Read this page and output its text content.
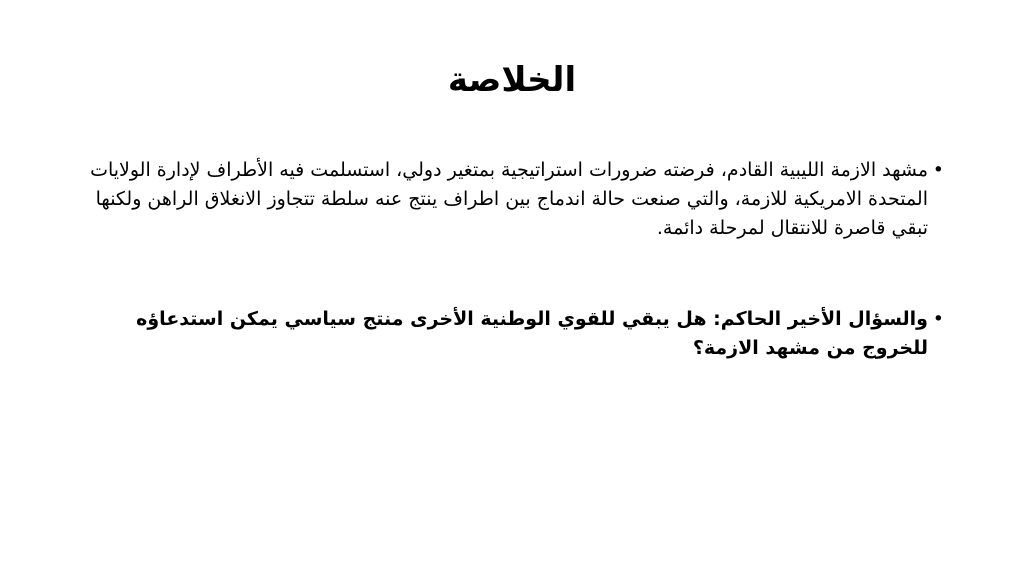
الخلاصة
•
مشهد الازمة الليبية القادم، فرضته ضرورات استراتيجية بمتغير دولي، استسلمت فيه الأطراف لإدارة الولايات المتحدة الامريكية للازمة، والتي صنعت حالة اندماج بين اطراف ينتج عنه سلطة تتجاوز الانغلاق الراهن ولكنها تبقي قاصرة للانتقال لمرحلة دائمة.
•
والسؤال الأخير الحاكم: هل يبقي للقوي الوطنية الأخرى منتج سياسي يمكن استدعاؤه للخروج من مشهد الازمة؟
